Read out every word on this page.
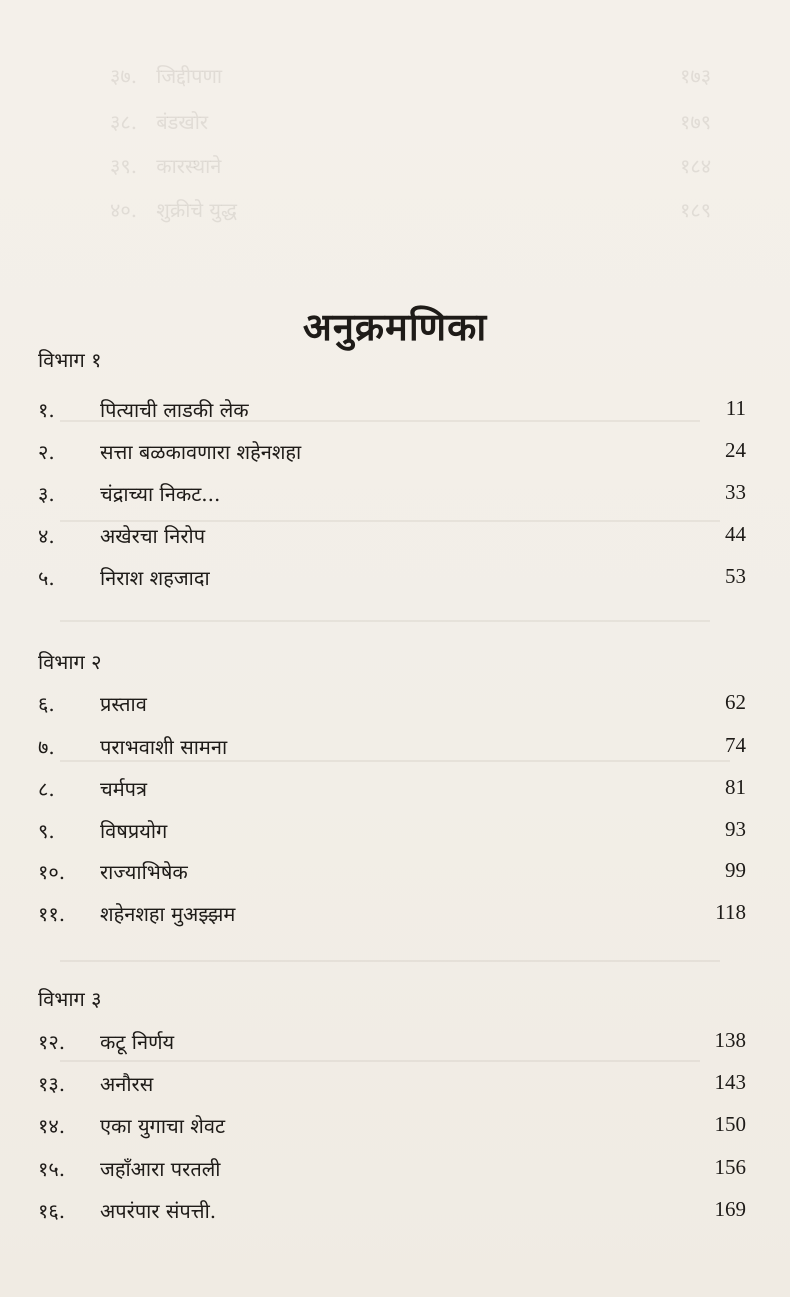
३७.   जिद्दीपणा	१७३
३८.   बंडखोर	१७९
३९.   कारस्थाने	१८४
४०.   शुक्रीचे युद्ध	१८९
अनुक्रमणिका
विभाग १
१. पित्याची लाडकी लेक	11
२. सत्ता बळकावणारा शहेनशहा	24
३. चंद्राच्या निकट...	33
४. अखेरचा निरोप	44
५. निराश शहजादा	53
विभाग २
६. प्रस्ताव	62
७. पराभवाशी सामना	74
८. चर्मपत्र	81
९. विषप्रयोग	93
१०. राज्याभिषेक	99
११. शहेनशहा मुअझ्झम	118
विभाग ३
१२. कटू निर्णय	138
१३. अनौरस	143
१४. एका युगाचा शेवट	150
१५. जहाँआरा परतली	156
१६. अपरंपार संपत्ती.	169
